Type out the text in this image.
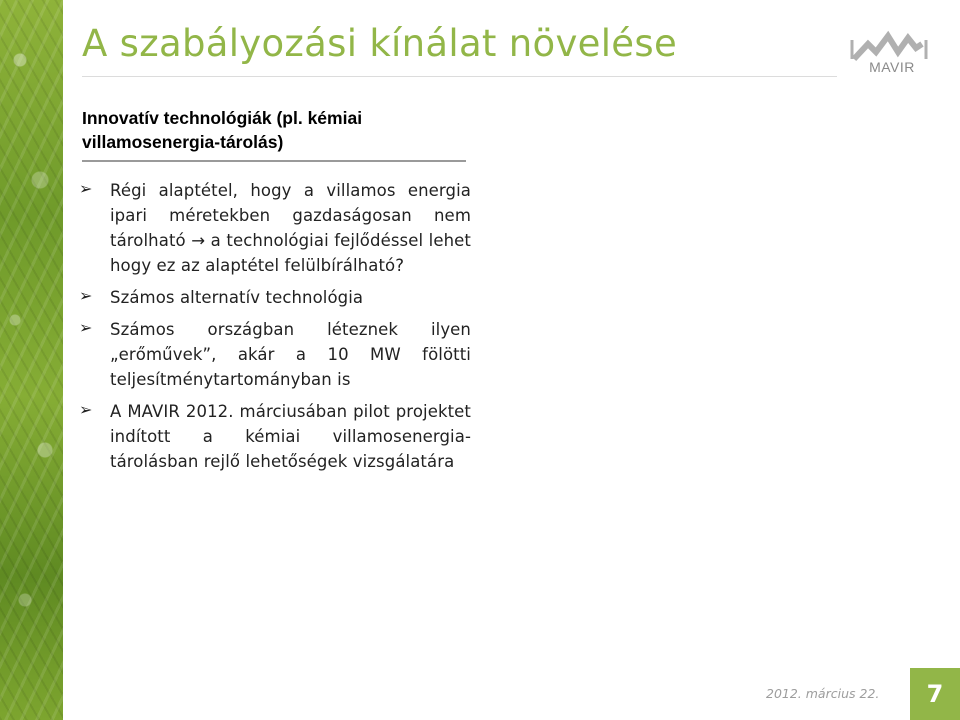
A szabályozási kínálat növelése
MAVIR
Innovatív technológiák (pl. kémiai villamosenergia-tárolás)
➢ Régi alaptétel, hogy a villamos energia ipari méretekben gazdaságosan nem tárolható → a technológiai fejlődéssel lehet hogy ez az alaptétel felülbírálható?
➢ Számos alternatív technológia
➢ Számos országban léteznek ilyen „erőművek”, akár a 10 MW fölötti teljesítménytartományban is
➢ A MAVIR 2012. márciusában pilot projektet indított a kémiai villamosenergia-tárolásban rejlő lehetőségek vizsgálatára
2012. március 22.	7
